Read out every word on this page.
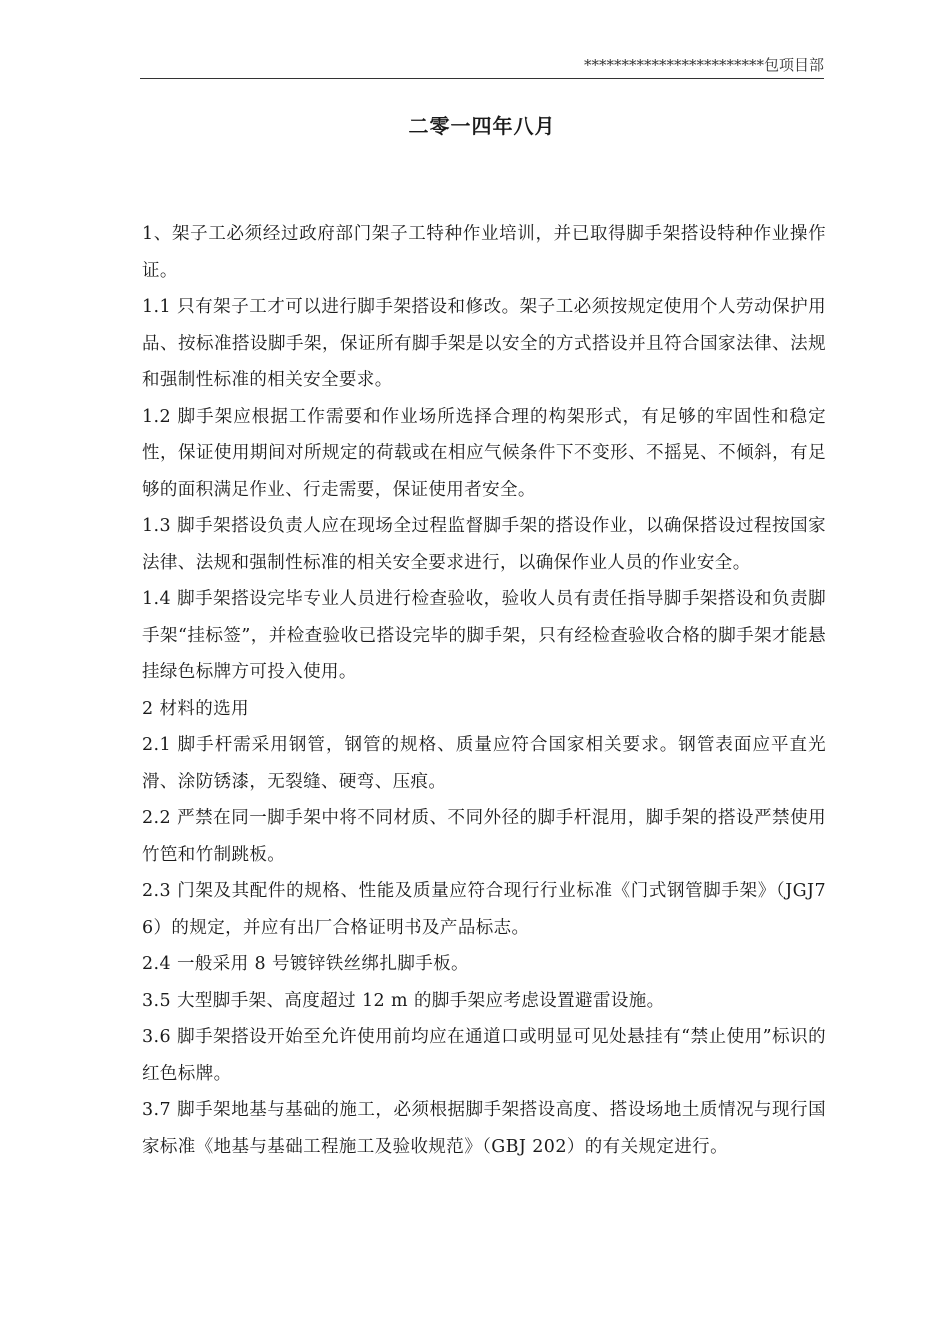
************************包项目部
二零一四年八月

1、架子工必须经过政府部门架子工特种作业培训，并已取得脚手架搭设特种作业操作证。

1.1 只有架子工才可以进行脚手架搭设和修改。架子工必须按规定使用个人劳动保护用品、按标准搭设脚手架，保证所有脚手架是以安全的方式搭设并且符合国家法律、法规和强制性标准的相关安全要求。

1.2 脚手架应根据工作需要和作业场所选择合理的构架形式，有足够的牢固性和稳定性，保证使用期间对所规定的荷载或在相应气候条件下不变形、不摇晃、不倾斜，有足够的面积满足作业、行走需要，保证使用者安全。

1.3 脚手架搭设负责人应在现场全过程监督脚手架的搭设作业，以确保搭设过程按国家法律、法规和强制性标准的相关安全要求进行，以确保作业人员的作业安全。

1.4 脚手架搭设完毕专业人员进行检查验收，验收人员有责任指导脚手架搭设和负责脚手架“挂标签”，并检查验收已搭设完毕的脚手架，只有经检查验收合格的脚手架才能悬挂绿色标牌方可投入使用。

2 材料的选用

2.1 脚手杆需采用钢管，钢管的规格、质量应符合国家相关要求。钢管表面应平直光滑、涂防锈漆，无裂缝、硬弯、压痕。

2.2 严禁在同一脚手架中将不同材质、不同外径的脚手杆混用，脚手架的搭设严禁使用竹笆和竹制跳板。

2.3 门架及其配件的规格、性能及质量应符合现行行业标准《门式钢管脚手架》（JGJ76）的规定，并应有出厂合格证明书及产品标志。

2.4 一般采用 8 号镀锌铁丝绑扎脚手板。

3.5 大型脚手架、高度超过 12 m 的脚手架应考虑设置避雷设施。

3.6 脚手架搭设开始至允许使用前均应在通道口或明显可见处悬挂有“禁止使用”标识的红色标牌。

3.7 脚手架地基与基础的施工，必须根据脚手架搭设高度、搭设场地土质情况与现行国家标准《地基与基础工程施工及验收规范》（GBJ 202）的有关规定进行。
